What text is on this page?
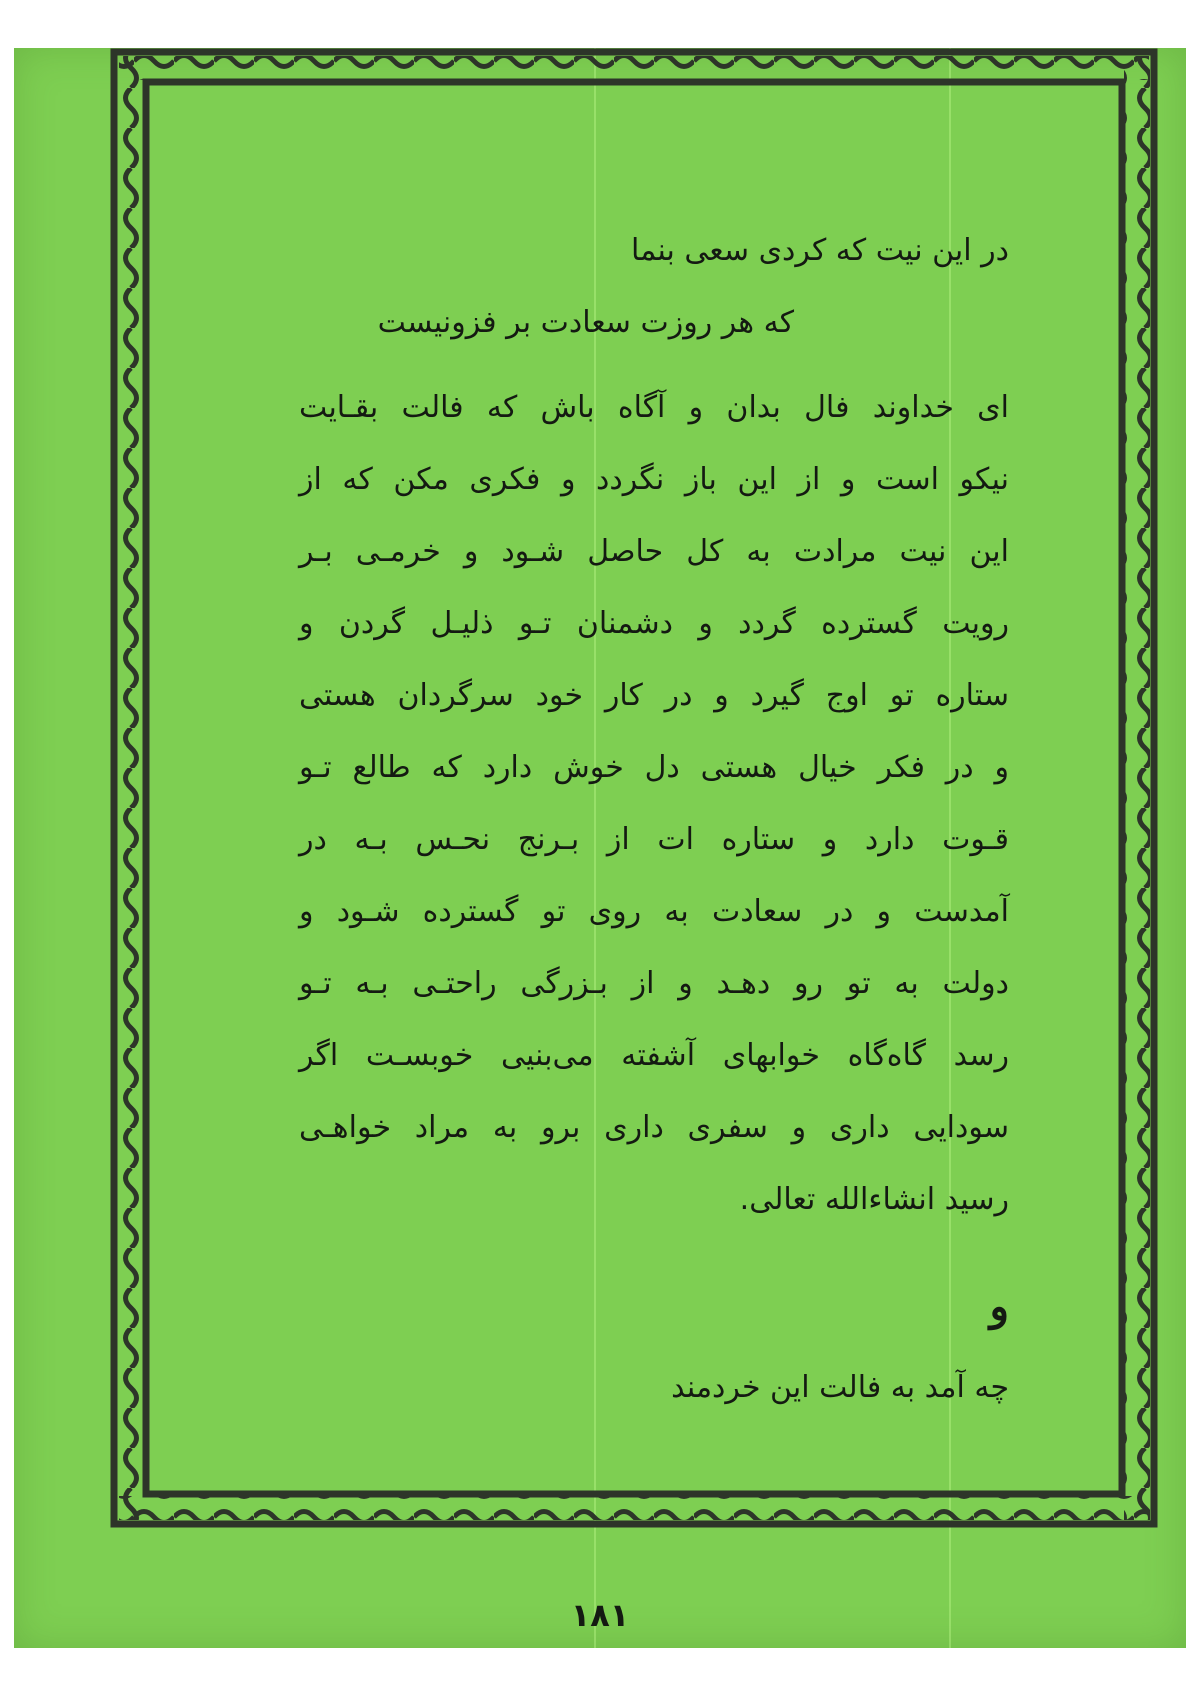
در این نیت که کردی سعی بنما
که هر روزت سعادت بر فزونیست
ای خداوند فال بدان و آگاه باش که فالت بقـایت
نیکو است و از این باز نگردد و فکری مکن که از
این نیت مرادت به کل حاصل شـود و خرمـی بـر
رویت گسترده گردد و دشمنان تـو ذلیـل گردن و
ستاره تو اوج گیرد و در کار خود سرگردان هستی
و در فکر خیال هستی دل خوش دارد که طالع تـو
قـوت دارد و ستاره ات از بـرنج نحـس بـه در
آمدست و در سعادت به روی تو گسترده شـود و
دولت به تو رو دهـد و از بـزرگی راحتـی بـه تـو
رسد گاه‌گاه خوابهای آشفته می‌بنیی خوبسـت اگر
سودایی داری و سفری داری برو به مراد خواهـی
رسید انشاءالله تعالی.
و
چه آمد به فالت این خردمند
۱۸۱
